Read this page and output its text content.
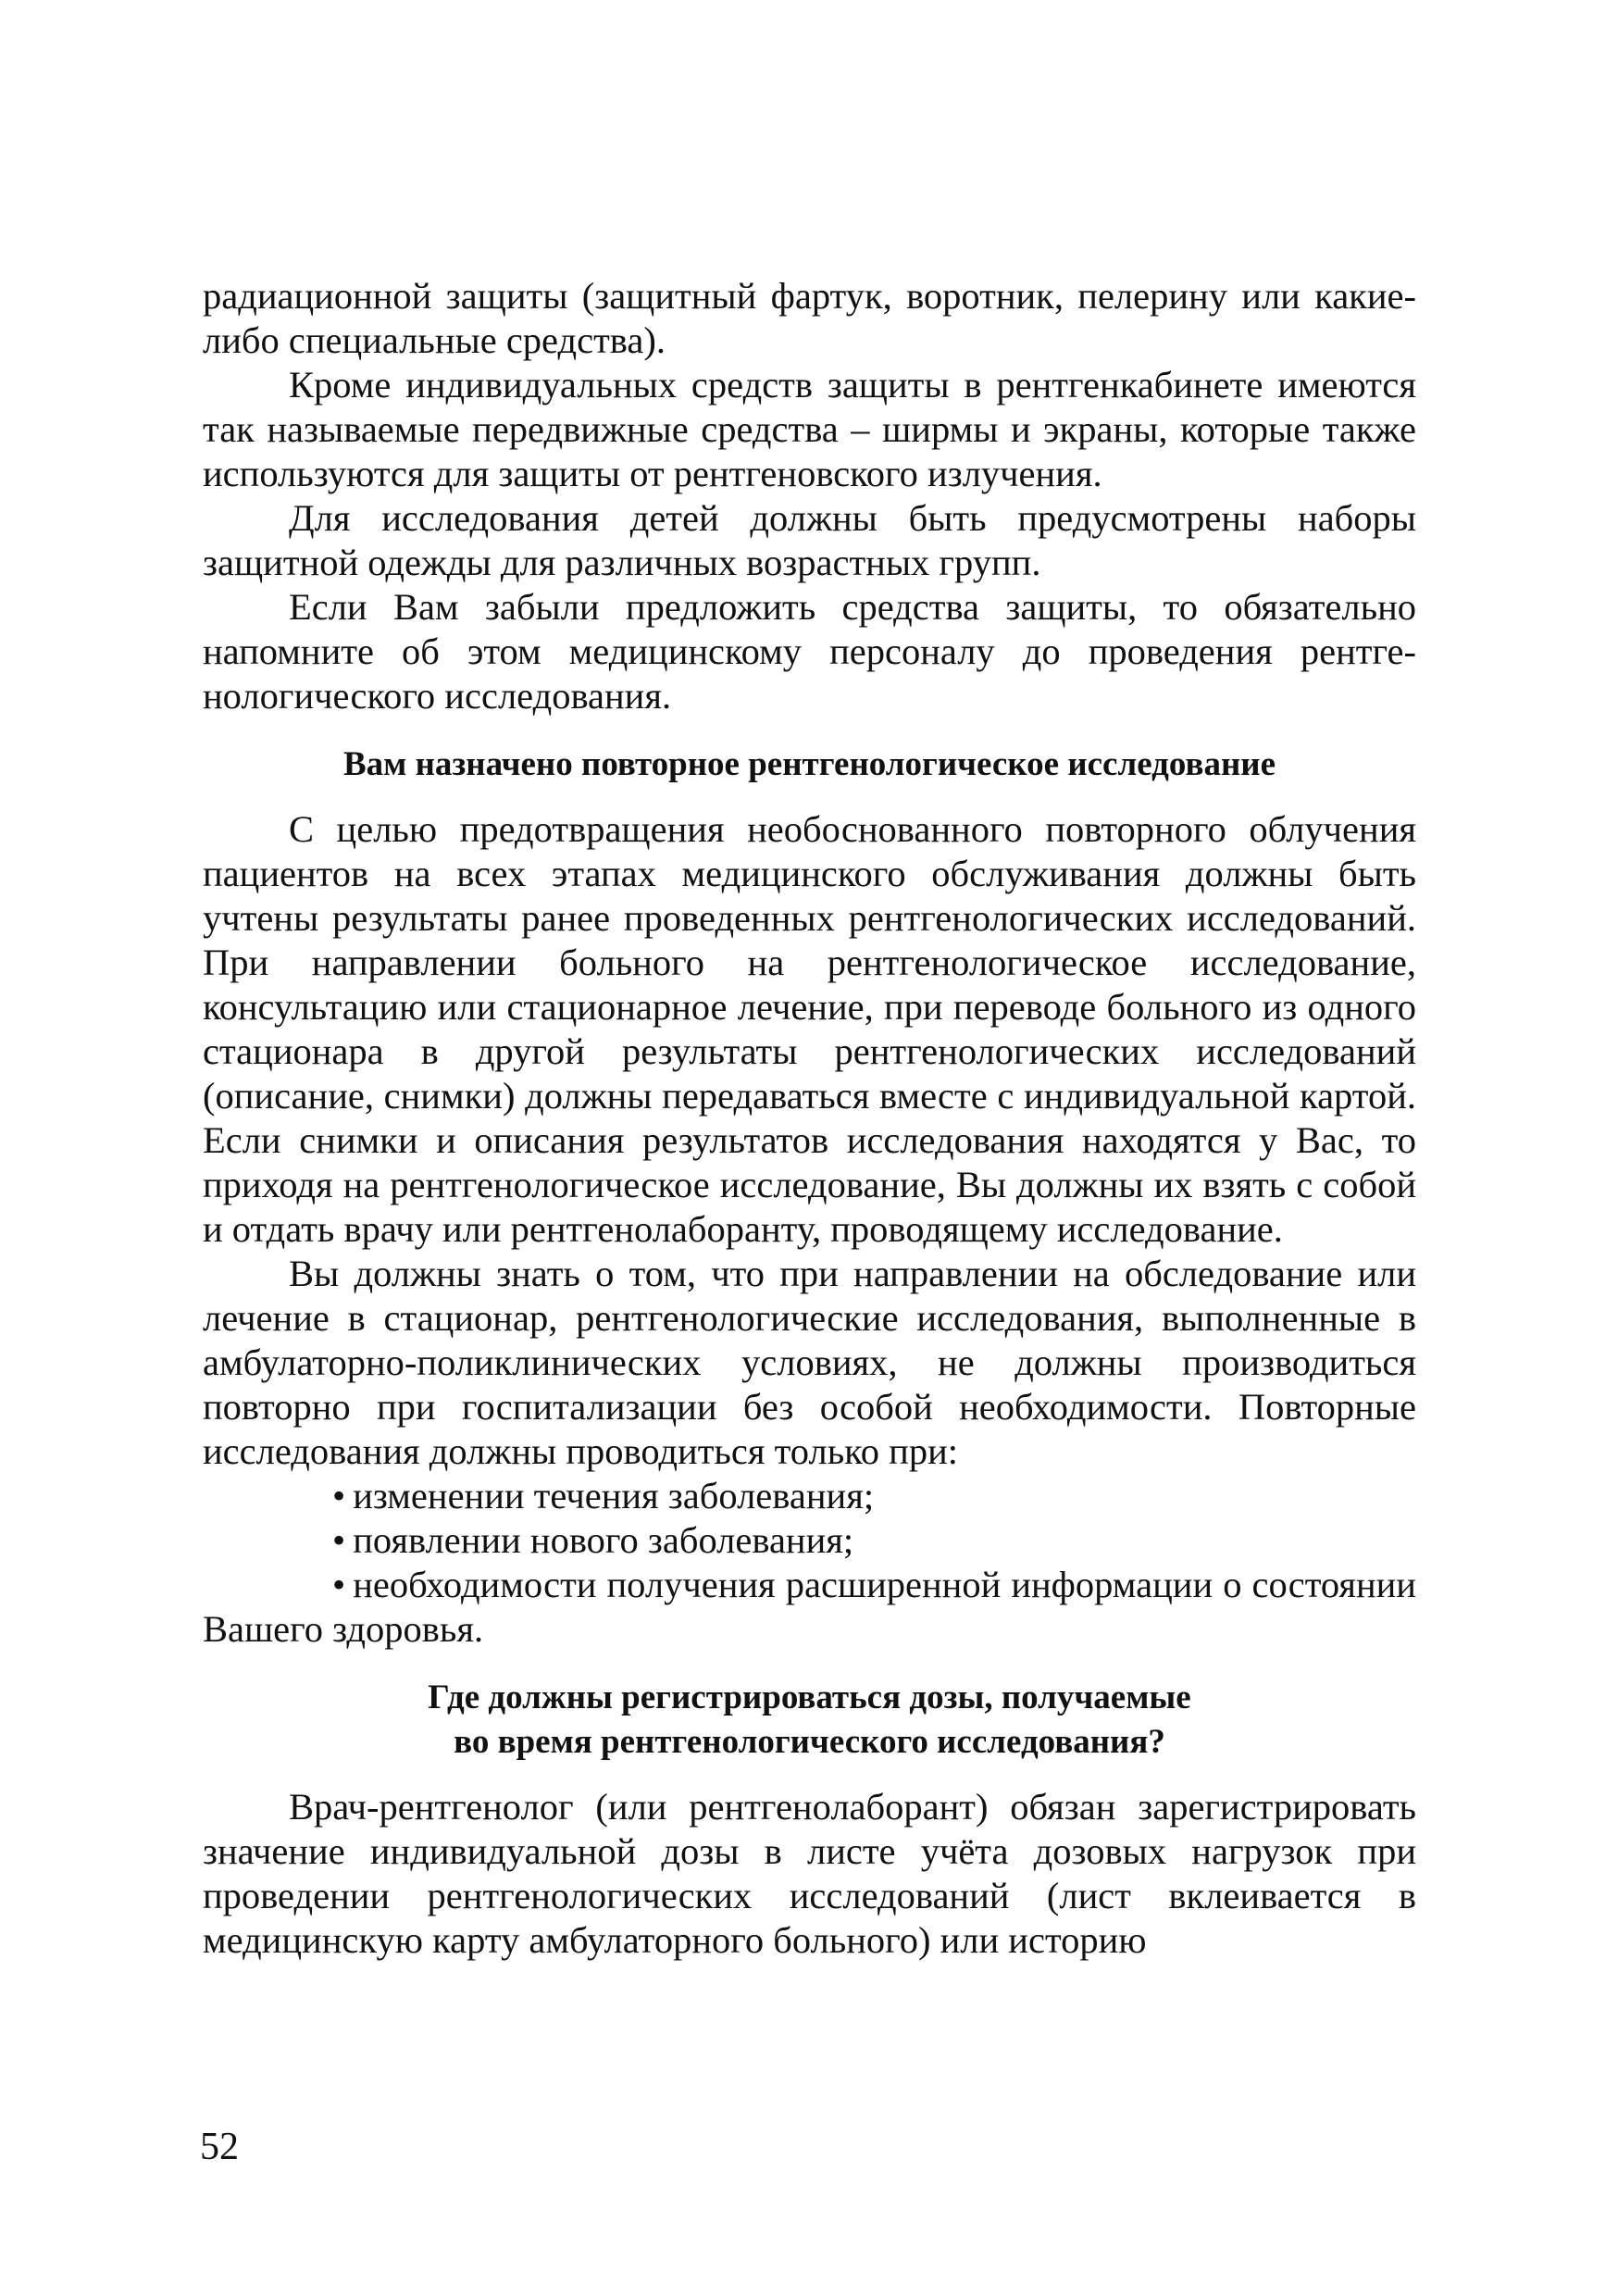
радиационной защиты (защитный фартук, воротник, пелерину или какие-либо специальные средства).

Кроме индивидуальных средств защиты в рентгенкабинете имеются так называемые передвижные средства – ширмы и экраны, которые также используются для защиты от рентгеновского излучения.

Для исследования детей должны быть предусмотрены наборы защитной одежды для различных возрастных групп.

Если Вам забыли предложить средства защиты, то обязательно напомните об этом медицинскому персоналу до проведения рентгенологического исследования.

Вам назначено повторное рентгенологическое исследование

С целью предотвращения необоснованного повторного облучения пациентов на всех этапах медицинского обслуживания должны быть учтены результаты ранее проведенных рентгенологических исследований. При направлении больного на рентгенологическое исследование, консультацию или стационарное лечение, при переводе больного из одного стационара в другой результаты рентгенологических исследований (описание, снимки) должны передаваться вместе с индивидуальной картой. Если снимки и описания результатов исследования находятся у Вас, то приходя на рентгенологическое исследование, Вы должны их взять с собой и отдать врачу или рентгенолаборанту, проводящему исследование.

Вы должны знать о том, что при направлении на обследование или лечение в стационар, рентгенологические исследования, выполненные в амбулаторно-поликлинических условиях, не должны производиться повторно при госпитализации без особой необходимости. Повторные исследования должны проводиться только при:

• изменении течения заболевания;
• появлении нового заболевания;
• необходимости получения расширенной информации о состоянии Вашего здоровья.
Где должны регистрироваться дозы, получаемые
во время рентгенологического исследования?

Врач-рентгенолог (или рентгенолаборант) обязан зарегистрировать значение индивидуальной дозы в листе учёта дозовых нагрузок при проведении рентгенологических исследований (лист вклеивается в медицинскую карту амбулаторного больного) или историю

52
